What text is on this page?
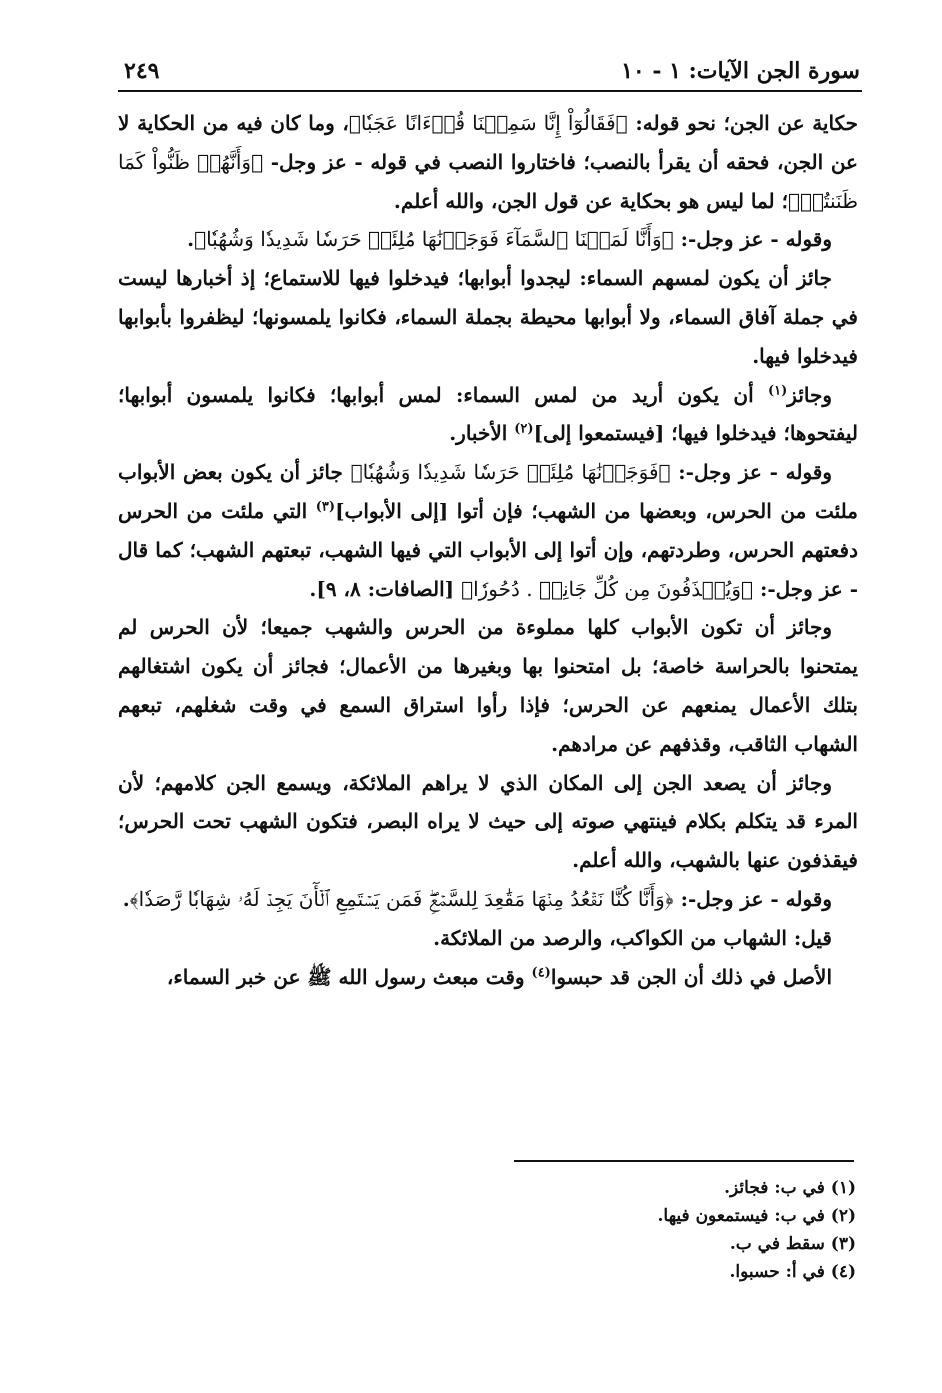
سورة الجن الآيات: ١ - ١٠
٢٤٩

حكاية عن الجن؛ نحو قوله: ﴿فَقَالُوٓاْ إِنَّا سَمِعۡنَا قُرۡءَانًا عَجَبٗا﴾، وما كان فيه من الحكاية لا عن الجن، فحقه أن يقرأ بالنصب؛ فاختاروا النصب في قوله - عز وجل- ﴿وَأَنَّهُمۡ ظَنُّواْ كَمَا ظَنَنتُمۡ﴾؛ لما ليس هو بحكاية عن قول الجن، والله أعلم.

وقوله - عز وجل-: ﴿وَأَنَّا لَمَسۡنَا ٱلسَّمَآءَ فَوَجَدۡنَٰهَا مُلِئَتۡ حَرَسٗا شَدِيدٗا وَشُهُبٗا﴾.

جائز أن يكون لمسهم السماء: ليجدوا أبوابها؛ فيدخلوا فيها للاستماع؛ إذ أخبارها ليست في جملة آفاق السماء، ولا أبوابها محيطة بجملة السماء، فكانوا يلمسونها؛ ليظفروا بأبوابها فيدخلوا فيها.

وجائز$^{(١)}$ أن يكون أريد من لمس السماء: لمس أبوابها؛ فكانوا يلمسون أبوابها؛ ليفتحوها؛ فيدخلوا فيها؛ [فيستمعوا إلى]$^{(٢)}$ الأخبار.

وقوله - عز وجل-: ﴿فَوَجَدۡنَٰهَا مُلِئَتۡ حَرَسٗا شَدِيدٗا وَشُهُبٗا﴾ جائز أن يكون بعض الأبواب ملئت من الحرس، وبعضها من الشهب؛ فإن أتوا [إلى الأبواب]$^{(٣)}$ التي ملئت من الحرس دفعتهم الحرس، وطردتهم، وإن أتوا إلى الأبواب التي فيها الشهب، تبعتهم الشهب؛ كما قال - عز وجل-: ﴿وَيُقۡذَفُونَ مِن كُلِّ جَانِبٖ . دُحُورٗا﴾ [الصافات: ٨، ٩].

وجائز أن تكون الأبواب كلها مملوءة من الحرس والشهب جميعا؛ لأن الحرس لم يمتحنوا بالحراسة خاصة؛ بل امتحنوا بها وبغيرها من الأعمال؛ فجائز أن يكون اشتغالهم بتلك الأعمال يمنعهم عن الحرس؛ فإذا رأوا استراق السمع في وقت شغلهم، تبعهم الشهاب الثاقب، وقذفهم عن مرادهم.

وجائز أن يصعد الجن إلى المكان الذي لا يراهم الملائكة، ويسمع الجن كلامهم؛ لأن المرء قد يتكلم بكلام فينتهي صوته إلى حيث لا يراه البصر، فتكون الشهب تحت الحرس؛ فيقذفون عنها بالشهب، والله أعلم.

وقوله - عز وجل-: ﴿وَأَنَّا كُنَّا نَقۡعُدُ مِنۡهَا مَقَٰعِدَ لِلسَّمۡعِۖ فَمَن يَسۡتَمِعِ ٱلۡأٓنَ يَجِدۡ لَهُۥ شِهَابٗا رَّصَدٗا﴾.

قيل: الشهاب من الكواكب، والرصد من الملائكة.

الأصل في ذلك أن الجن قد حبسوا$^{(٤)}$ وقت مبعث رسول الله ﷺ عن خبر السماء،

(١) في ب: فجائز.
(٢) في ب: فيستمعون فيها.
(٣) سقط في ب.
(٤) في أ: حسبوا.
